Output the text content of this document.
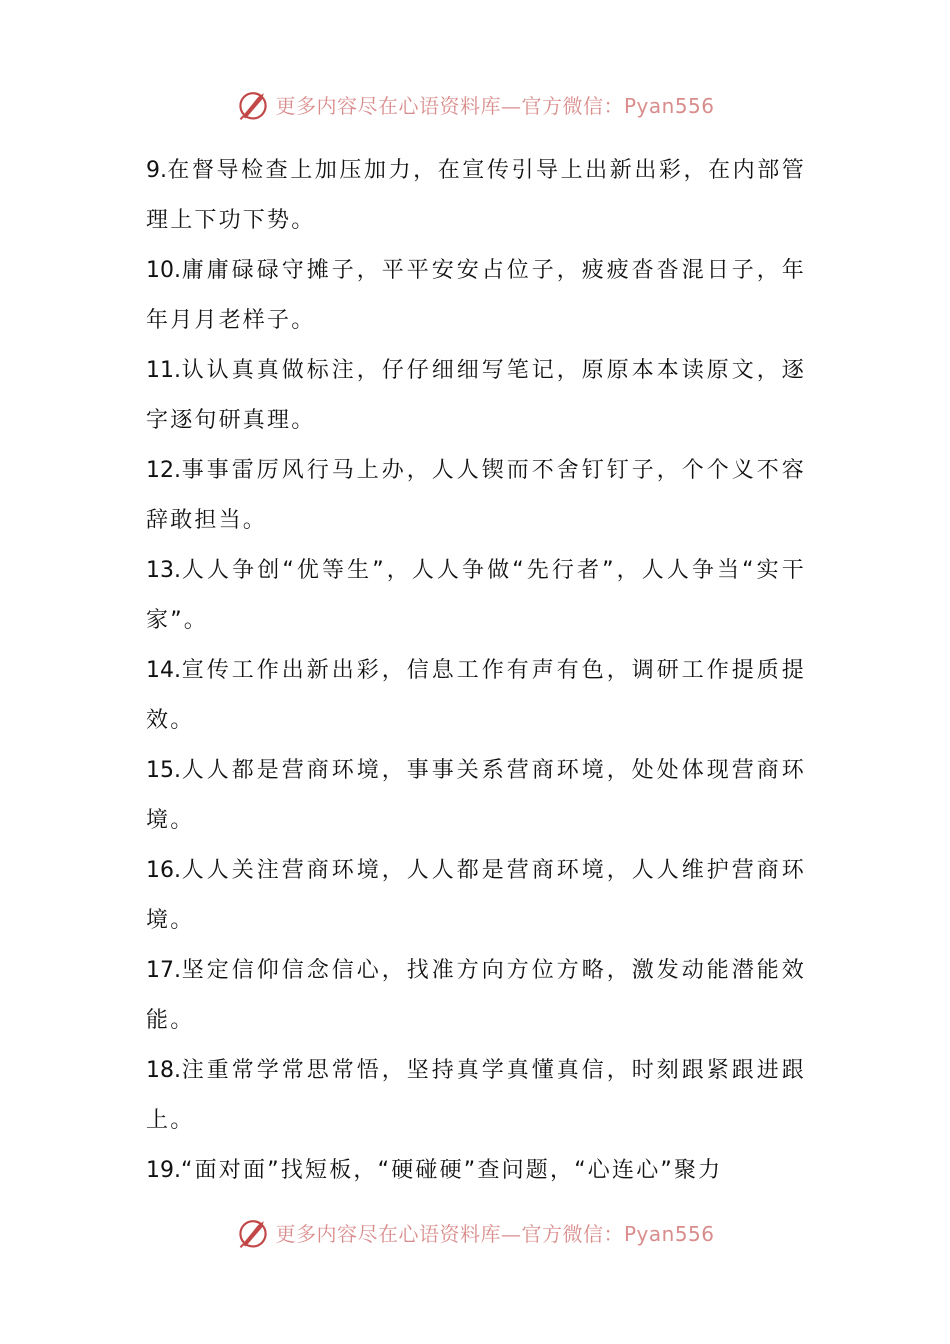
更多内容尽在心语资料库—官方微信：Pyan556

9.在督导检查上加压加力，在宣传引导上出新出彩，在内部管理上下功下势。

10.庸庸碌碌守摊子，平平安安占位子，疲疲沓沓混日子，年年月月老样子。

11.认认真真做标注，仔仔细细写笔记，原原本本读原文，逐字逐句研真理。

12.事事雷厉风行马上办，人人锲而不舍钉钉子，个个义不容辞敢担当。

13.人人争创“优等生”，人人争做“先行者”，人人争当“实干家”。

14.宣传工作出新出彩，信息工作有声有色，调研工作提质提效。

15.人人都是营商环境，事事关系营商环境，处处体现营商环境。

16.人人关注营商环境，人人都是营商环境，人人维护营商环境。

17.坚定信仰信念信心，找准方向方位方略，激发动能潜能效能。

18.注重常学常思常悟，坚持真学真懂真信，时刻跟紧跟进跟上。

19.“面对面”找短板，“硬碰硬”查问题，“心连心”聚力

更多内容尽在心语资料库—官方微信：Pyan556
